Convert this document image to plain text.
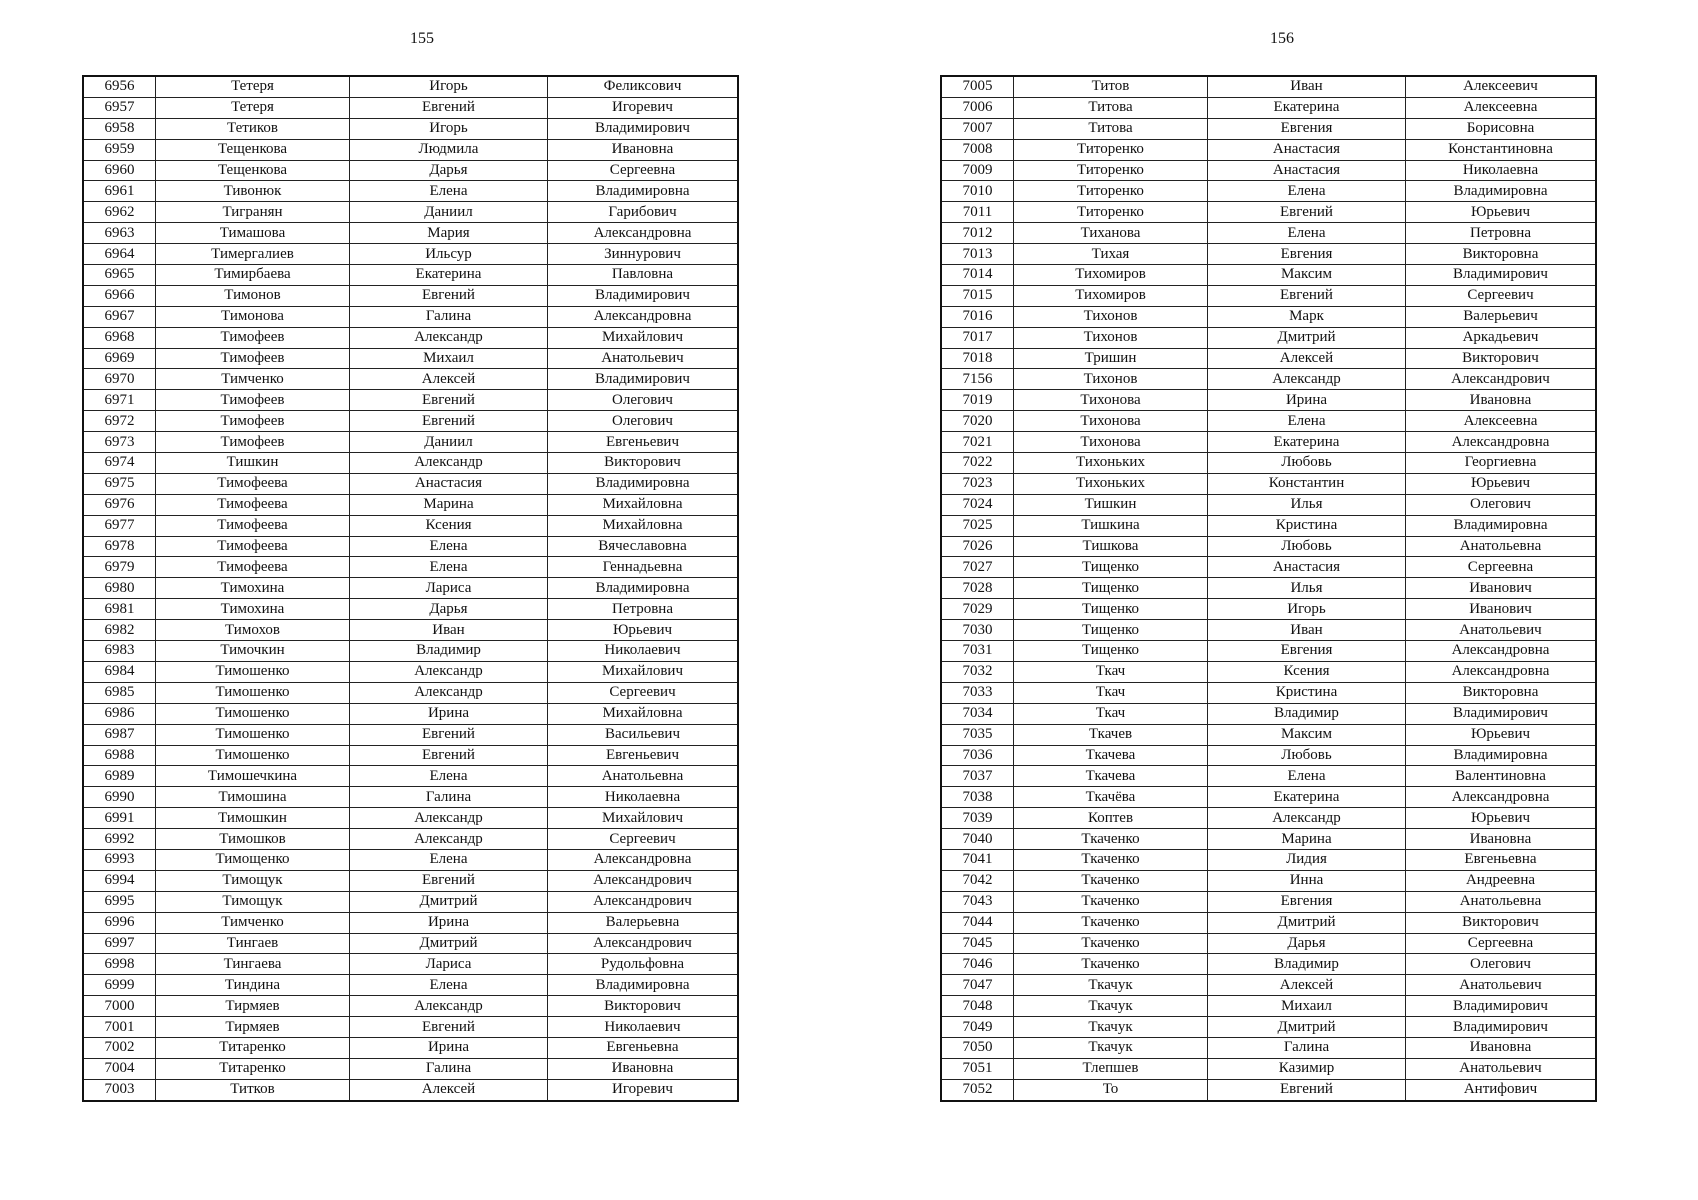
155	156
6956	Тетеря	Игорь	Феликсович
6957	Тетеря	Евгений	Игоревич
6958	Тетиков	Игорь	Владимирович
6959	Тещенкова	Людмила	Ивановна
6960	Тещенкова	Дарья	Сергеевна
6961	Тивонюк	Елена	Владимировна
6962	Тигранян	Даниил	Гарибович
6963	Тимашова	Мария	Александровна
6964	Тимергалиев	Ильсур	Зиннурович
6965	Тимирбаева	Екатерина	Павловна
6966	Тимонов	Евгений	Владимирович
6967	Тимонова	Галина	Александровна
6968	Тимофеев	Александр	Михайлович
6969	Тимофеев	Михаил	Анатольевич
6970	Тимченко	Алексей	Владимирович
6971	Тимофеев	Евгений	Олегович
6972	Тимофеев	Евгений	Олегович
6973	Тимофеев	Даниил	Евгеньевич
6974	Тишкин	Александр	Викторович
6975	Тимофеева	Анастасия	Владимировна
6976	Тимофеева	Марина	Михайловна
6977	Тимофеева	Ксения	Михайловна
6978	Тимофеева	Елена	Вячеславовна
6979	Тимофеева	Елена	Геннадьевна
6980	Тимохина	Лариса	Владимировна
6981	Тимохина	Дарья	Петровна
6982	Тимохов	Иван	Юрьевич
6983	Тимочкин	Владимир	Николаевич
6984	Тимошенко	Александр	Михайлович
6985	Тимошенко	Александр	Сергеевич
6986	Тимошенко	Ирина	Михайловна
6987	Тимошенко	Евгений	Васильевич
6988	Тимошенко	Евгений	Евгеньевич
6989	Тимошечкина	Елена	Анатольевна
6990	Тимошина	Галина	Николаевна
6991	Тимошкин	Александр	Михайлович
6992	Тимошков	Александр	Сергеевич
6993	Тимощенко	Елена	Александровна
6994	Тимощук	Евгений	Александрович
6995	Тимощук	Дмитрий	Александрович
6996	Тимченко	Ирина	Валерьевна
6997	Тингаев	Дмитрий	Александрович
6998	Тингаева	Лариса	Рудольфовна
6999	Тиндина	Елена	Владимировна
7000	Тирмяев	Александр	Викторович
7001	Тирмяев	Евгений	Николаевич
7002	Титаренко	Ирина	Евгеньевна
7004	Титаренко	Галина	Ивановна
7003	Титков	Алексей	Игоревич
7005	Титов	Иван	Алексеевич
7006	Титова	Екатерина	Алексеевна
7007	Титова	Евгения	Борисовна
7008	Титоренко	Анастасия	Константиновна
7009	Титоренко	Анастасия	Николаевна
7010	Титоренко	Елена	Владимировна
7011	Титоренко	Евгений	Юрьевич
7012	Тиханова	Елена	Петровна
7013	Тихая	Евгения	Викторовна
7014	Тихомиров	Максим	Владимирович
7015	Тихомиров	Евгений	Сергеевич
7016	Тихонов	Марк	Валерьевич
7017	Тихонов	Дмитрий	Аркадьевич
7018	Тришин	Алексей	Викторович
7156	Тихонов	Александр	Александрович
7019	Тихонова	Ирина	Ивановна
7020	Тихонова	Елена	Алексеевна
7021	Тихонова	Екатерина	Александровна
7022	Тихоньких	Любовь	Георгиевна
7023	Тихоньких	Константин	Юрьевич
7024	Тишкин	Илья	Олегович
7025	Тишкина	Кристина	Владимировна
7026	Тишкова	Любовь	Анатольевна
7027	Тищенко	Анастасия	Сергеевна
7028	Тищенко	Илья	Иванович
7029	Тищенко	Игорь	Иванович
7030	Тищенко	Иван	Анатольевич
7031	Тищенко	Евгения	Александровна
7032	Ткач	Ксения	Александровна
7033	Ткач	Кристина	Викторовна
7034	Ткач	Владимир	Владимирович
7035	Ткачев	Максим	Юрьевич
7036	Ткачева	Любовь	Владимировна
7037	Ткачева	Елена	Валентиновна
7038	Ткачёва	Екатерина	Александровна
7039	Коптев	Александр	Юрьевич
7040	Ткаченко	Марина	Ивановна
7041	Ткаченко	Лидия	Евгеньевна
7042	Ткаченко	Инна	Андреевна
7043	Ткаченко	Евгения	Анатольевна
7044	Ткаченко	Дмитрий	Викторович
7045	Ткаченко	Дарья	Сергеевна
7046	Ткаченко	Владимир	Олегович
7047	Ткачук	Алексей	Анатольевич
7048	Ткачук	Михаил	Владимирович
7049	Ткачук	Дмитрий	Владимирович
7050	Ткачук	Галина	Ивановна
7051	Тлепшев	Казимир	Анатольевич
7052	То	Евгений	Антифович
